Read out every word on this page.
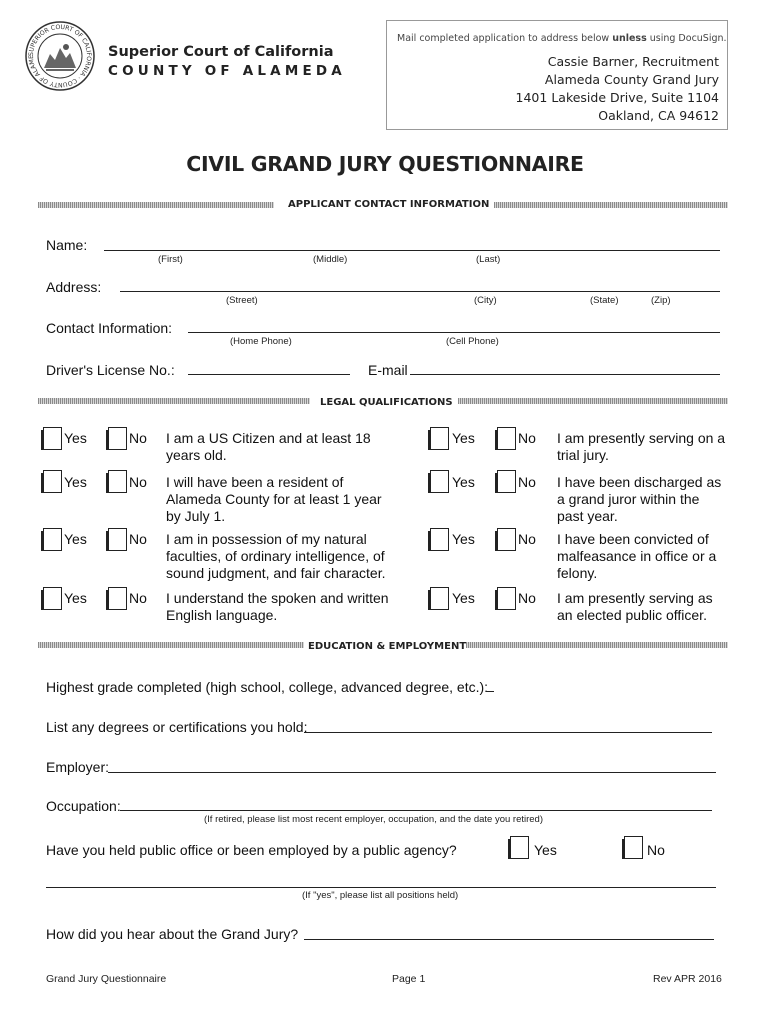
SUPERIOR COURT OF CALIFORNIA · COUNTY OF ALAME	Superior Court of California
COUNTY OF ALAMEDA
Mail completed application to address below unless using DocuSign.
Cassie Barner, Recruitment
Alameda County Grand Jury
1401 Lakeside Drive, Suite 1104
Oakland, CA 94612
CIVIL GRAND JURY QUESTIONNAIRE
APPLICANT CONTACT INFORMATION
Name:
(First)	(Middle)	(Last)
Address:
(Street)	(City)	(State)	(Zip)
Contact Information:
(Home Phone)	(Cell Phone)
Driver's License No.:	E-mail
LEGAL QUALIFICATIONS
Yes	No I am a US Citizen and at least 18
years old.
Yes	No I am presently serving on a
trial jury.
Yes	No I will have been a resident of
Alameda County for at least 1 year
by July 1.
Yes	No I have been discharged as
a grand juror within the
past year.
Yes	No I am in possession of my natural
faculties, of ordinary intelligence, of
sound judgment, and fair character.
Yes	No I have been convicted of
malfeasance in office or a
felony.
Yes	No I understand the spoken and written
English language.
Yes	No I am presently serving as
an elected public officer.
EDUCATION & EMPLOYMENT
Highest grade completed (high school, college, advanced degree, etc.):
List any degrees or certifications you hold:
Employer:
Occupation:
(If retired, please list most recent employer, occupation, and the date you retired)
Have you held public office or been employed by a public agency?	Yes	No
(If "yes", please list all positions held)
How did you hear about the Grand Jury?
Grand Jury Questionnaire	Page 1	Rev APR 2016
